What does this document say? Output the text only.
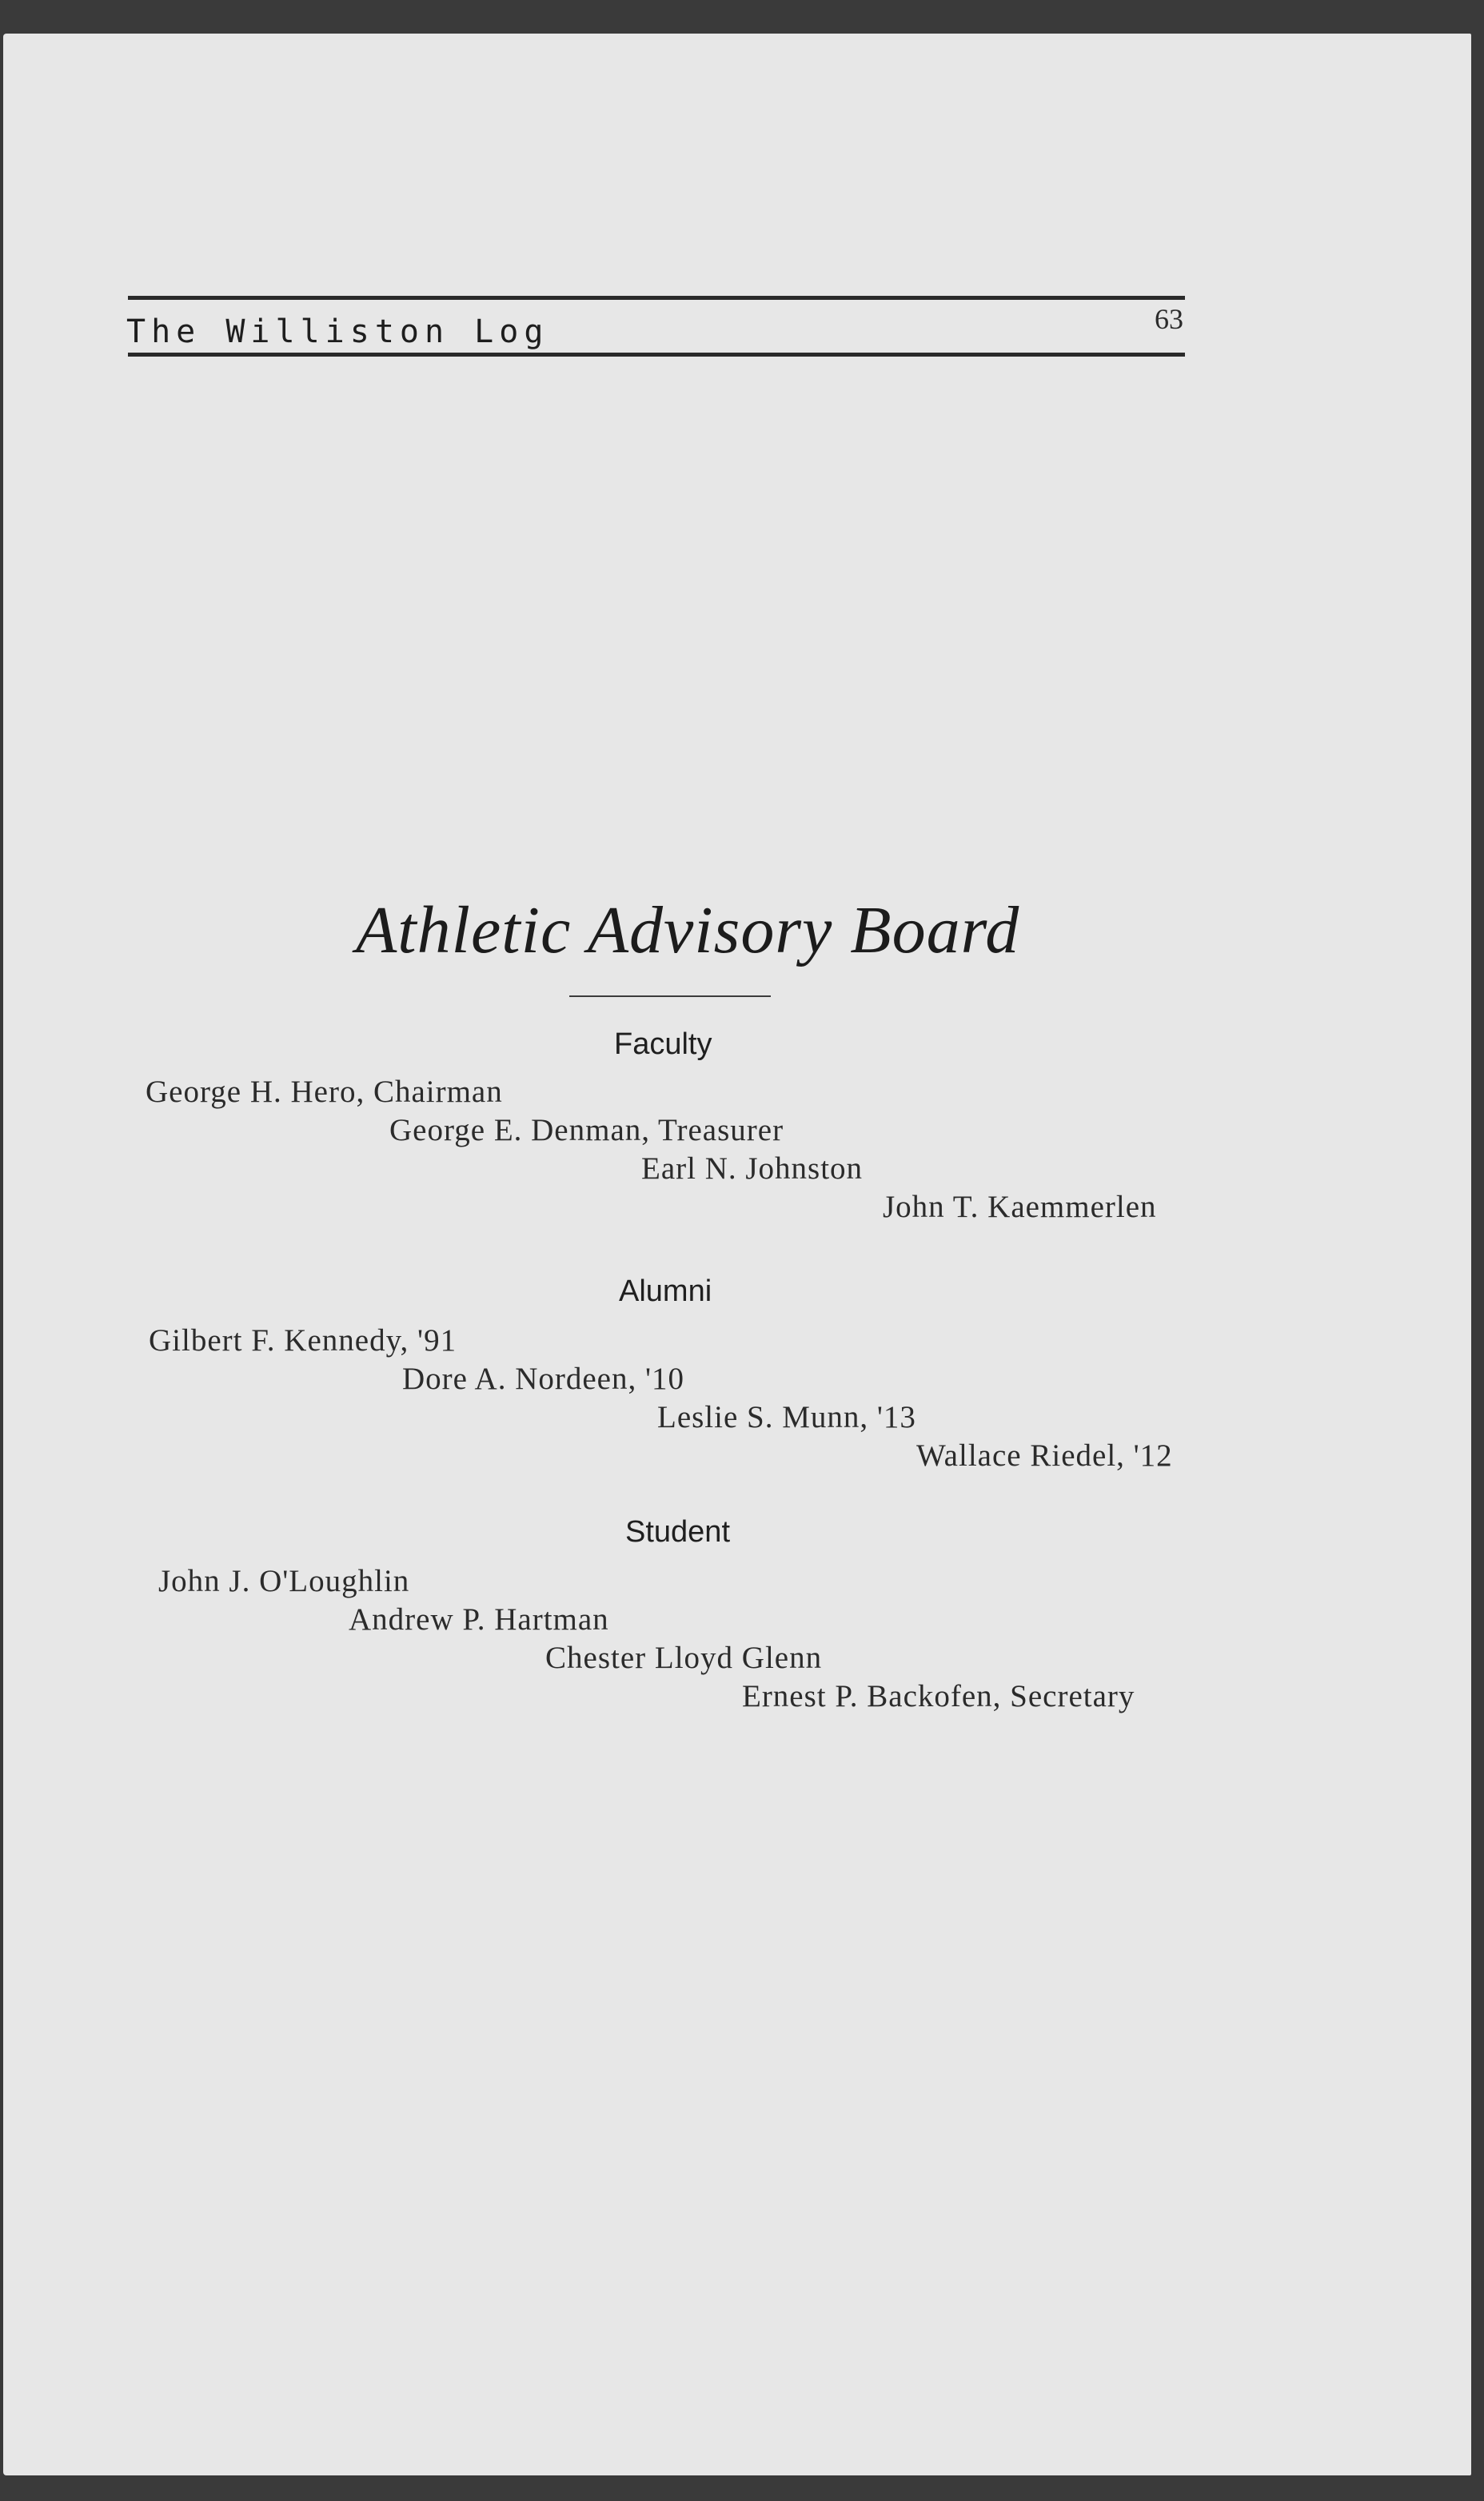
The Williston Log	63
Athletic Advisory Board
Faculty
George H. Hero, Chairman
George E. Denman, Treasurer
Earl N. Johnston
John T. Kaemmerlen
Alumni
Gilbert F. Kennedy, '91
Dore A. Nordeen, '10
Leslie S. Munn, '13
Wallace Riedel, '12
Student
John J. O'Loughlin
Andrew P. Hartman
Chester Lloyd Glenn
Ernest P. Backofen, Secretary
